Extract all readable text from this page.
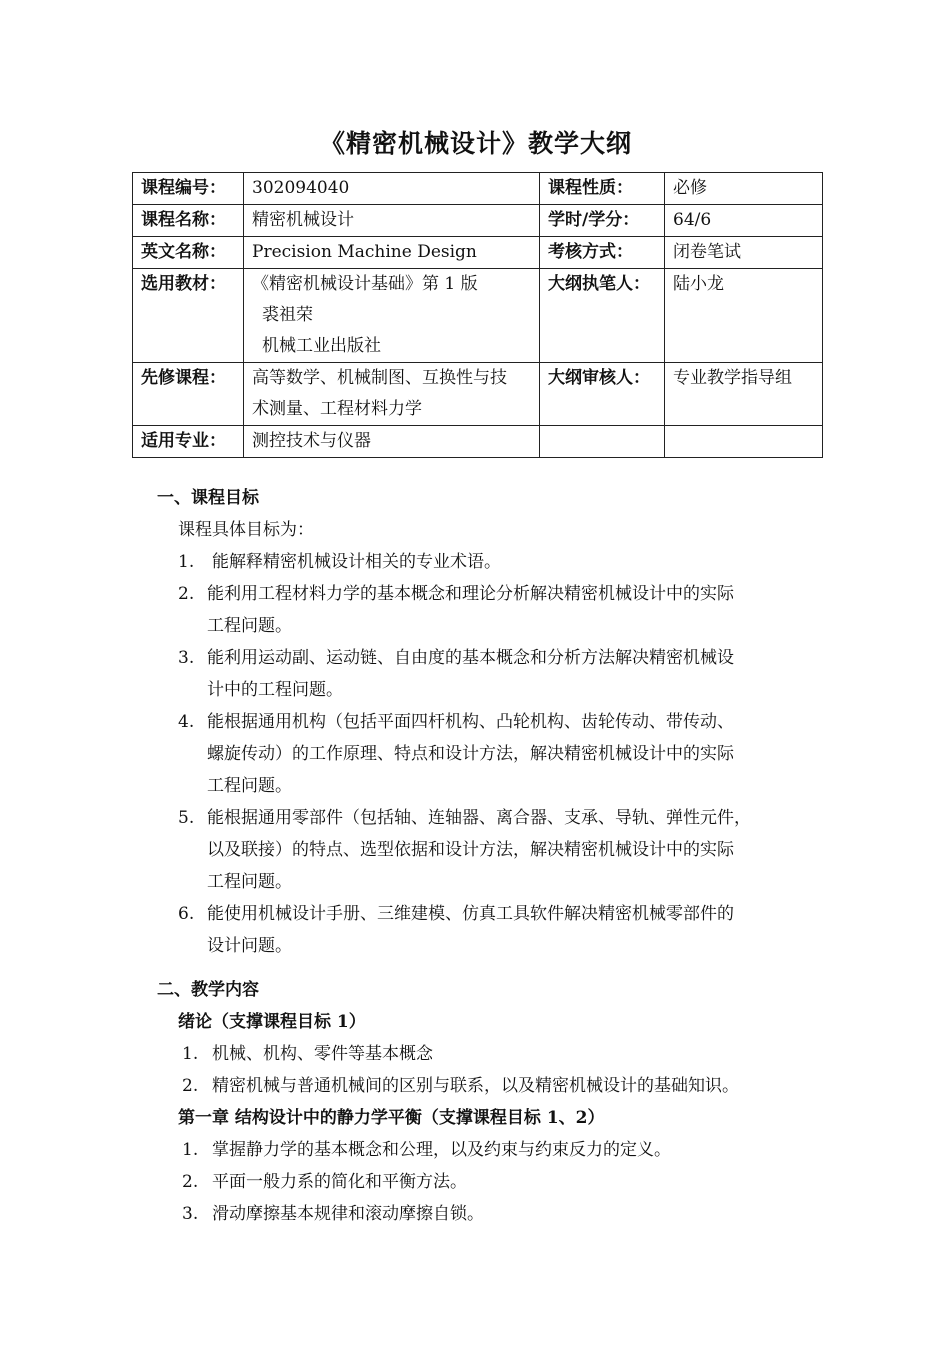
《精密机械设计》教学大纲
课程编号：	302094040	课程性质：	必修
课程名称：	精密机械设计	学时/学分：	64/6
英文名称：	Precision Machine Design	考核方式：	闭卷笔试
选用教材：	《精密机械设计基础》第 1 版
裘祖荣
机械工业出版社	大纲执笔人：	陆小龙
先修课程：	高等数学、机械制图、互换性与技
术测量、工程材料力学	大纲审核人：	专业教学指导组
适用专业：	测控技术与仪器		
一、课程目标
课程具体目标为：
1.	能解释精密机械设计相关的专业术语。
2. 能利用工程材料力学的基本概念和理论分析解决精密机械设计中的实际
工程问题。
3. 能利用运动副、运动链、自由度的基本概念和分析方法解决精密机械设
计中的工程问题。
4. 能根据通用机构（包括平面四杆机构、凸轮机构、齿轮传动、带传动、
螺旋传动）的工作原理、特点和设计方法，解决精密机械设计中的实际
工程问题。
5. 能根据通用零部件（包括轴、连轴器、离合器、支承、导轨、弹性元件，
以及联接）的特点、选型依据和设计方法，解决精密机械设计中的实际
工程问题。
6. 能使用机械设计手册、三维建模、仿真工具软件解决精密机械零部件的
设计问题。
二、教学内容
绪论（支撑课程目标 1）
1. 机械、机构、零件等基本概念
2. 精密机械与普通机械间的区别与联系，以及精密机械设计的基础知识。
第一章 结构设计中的静力学平衡（支撑课程目标 1、2）
1. 掌握静力学的基本概念和公理，以及约束与约束反力的定义。
2. 平面一般力系的简化和平衡方法。
3. 滑动摩擦基本规律和滚动摩擦自锁。
